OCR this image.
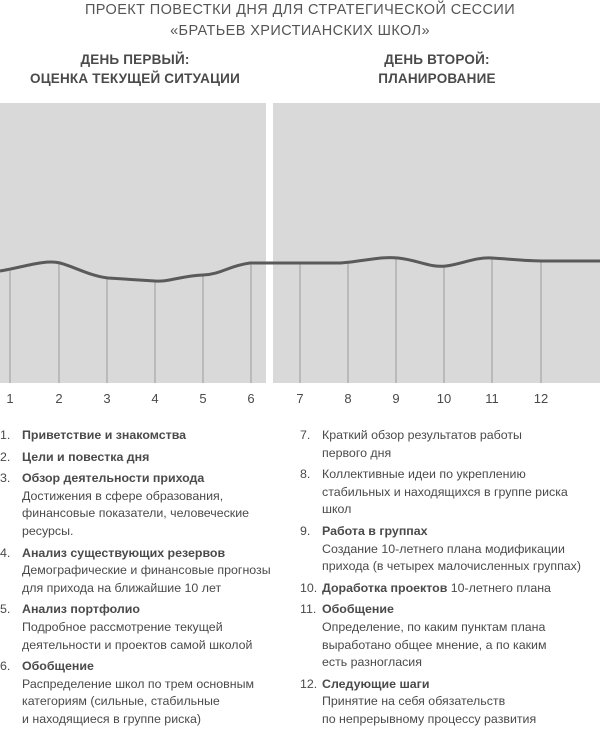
ПРОЕКТ ПОВЕСТКИ ДНЯ ДЛЯ СТРАТЕГИЧЕСКОЙ СЕССИИ
«БРАТЬЕВ ХРИСТИАНСКИХ ШКОЛ»
ДЕНЬ ПЕРВЫЙ:
ОЦЕНКА ТЕКУЩЕЙ СИТУАЦИИ
ДЕНЬ ВТОРОЙ:
ПЛАНИРОВАНИЕ
1	2	3	4	5	6	7	8	9	10	11	12
1. Приветствие и знакомства
2. Цели и повестка дня
3. Обзор деятельности прихода
Достижения в сфере образования,
финансовые показатели, человеческие
ресурсы.
4. Анализ существующих резервов
Демографические и финансовые прогнозы
для прихода на ближайшие 10 лет
5. Анализ портфолио
Подробное рассмотрение текущей
деятельности и проектов самой школой
6. Обобщение
Распределение школ по трем основным
категориям (сильные, стабильные
и находящиеся в группе риска)
7. Краткий обзор результатов работы
первого дня
8. Коллективные идеи по укреплению
стабильных и находящихся в группе риска
школ
9. Работа в группах
Создание 10-летнего плана модификации
прихода (в четырех малочисленных группах)
10. Доработка проектов 10-летнего плана
11. Обобщение
Определение, по каким пунктам плана
выработано общее мнение, а по каким
есть разногласия
12. Следующие шаги
Принятие на себя обязательств
по непрерывному процессу развития
